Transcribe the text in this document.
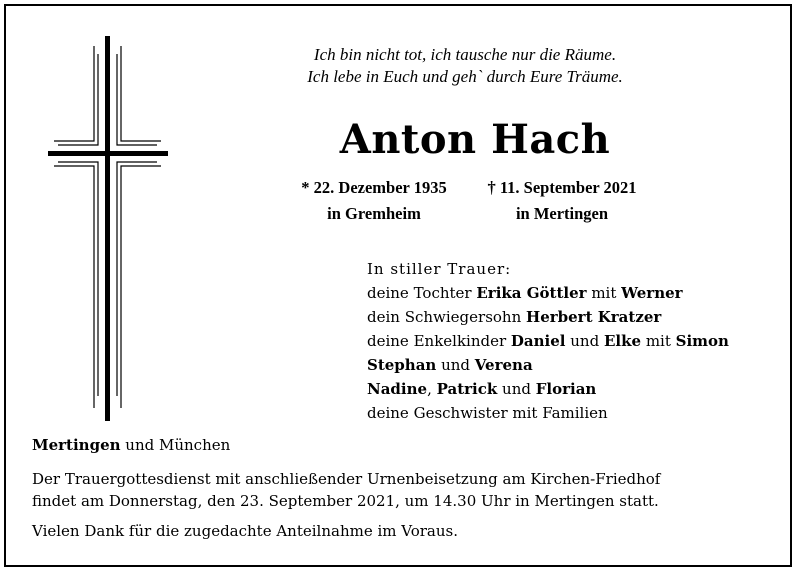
Ich bin nicht tot, ich tausche nur die Räume.
Ich lebe in Euch und geh` durch Eure Träume.
Anton Hach
* 22. Dezember 1935
in Gremheim
† 11. September 2021
in Mertingen
In stiller Trauer:
deine Tochter Erika Göttler mit Werner
dein Schwiegersohn Herbert Kratzer
deine Enkelkinder Daniel und Elke mit Simon
Stephan und Verena
Nadine, Patrick und Florian
deine Geschwister mit Familien
Mertingen und München
Der Trauergottesdienst mit anschließender Urnenbeisetzung am Kirchen-Friedhof
findet am Donnerstag, den 23. September 2021, um 14.30 Uhr in Mertingen statt.
Vielen Dank für die zugedachte Anteilnahme im Voraus.
